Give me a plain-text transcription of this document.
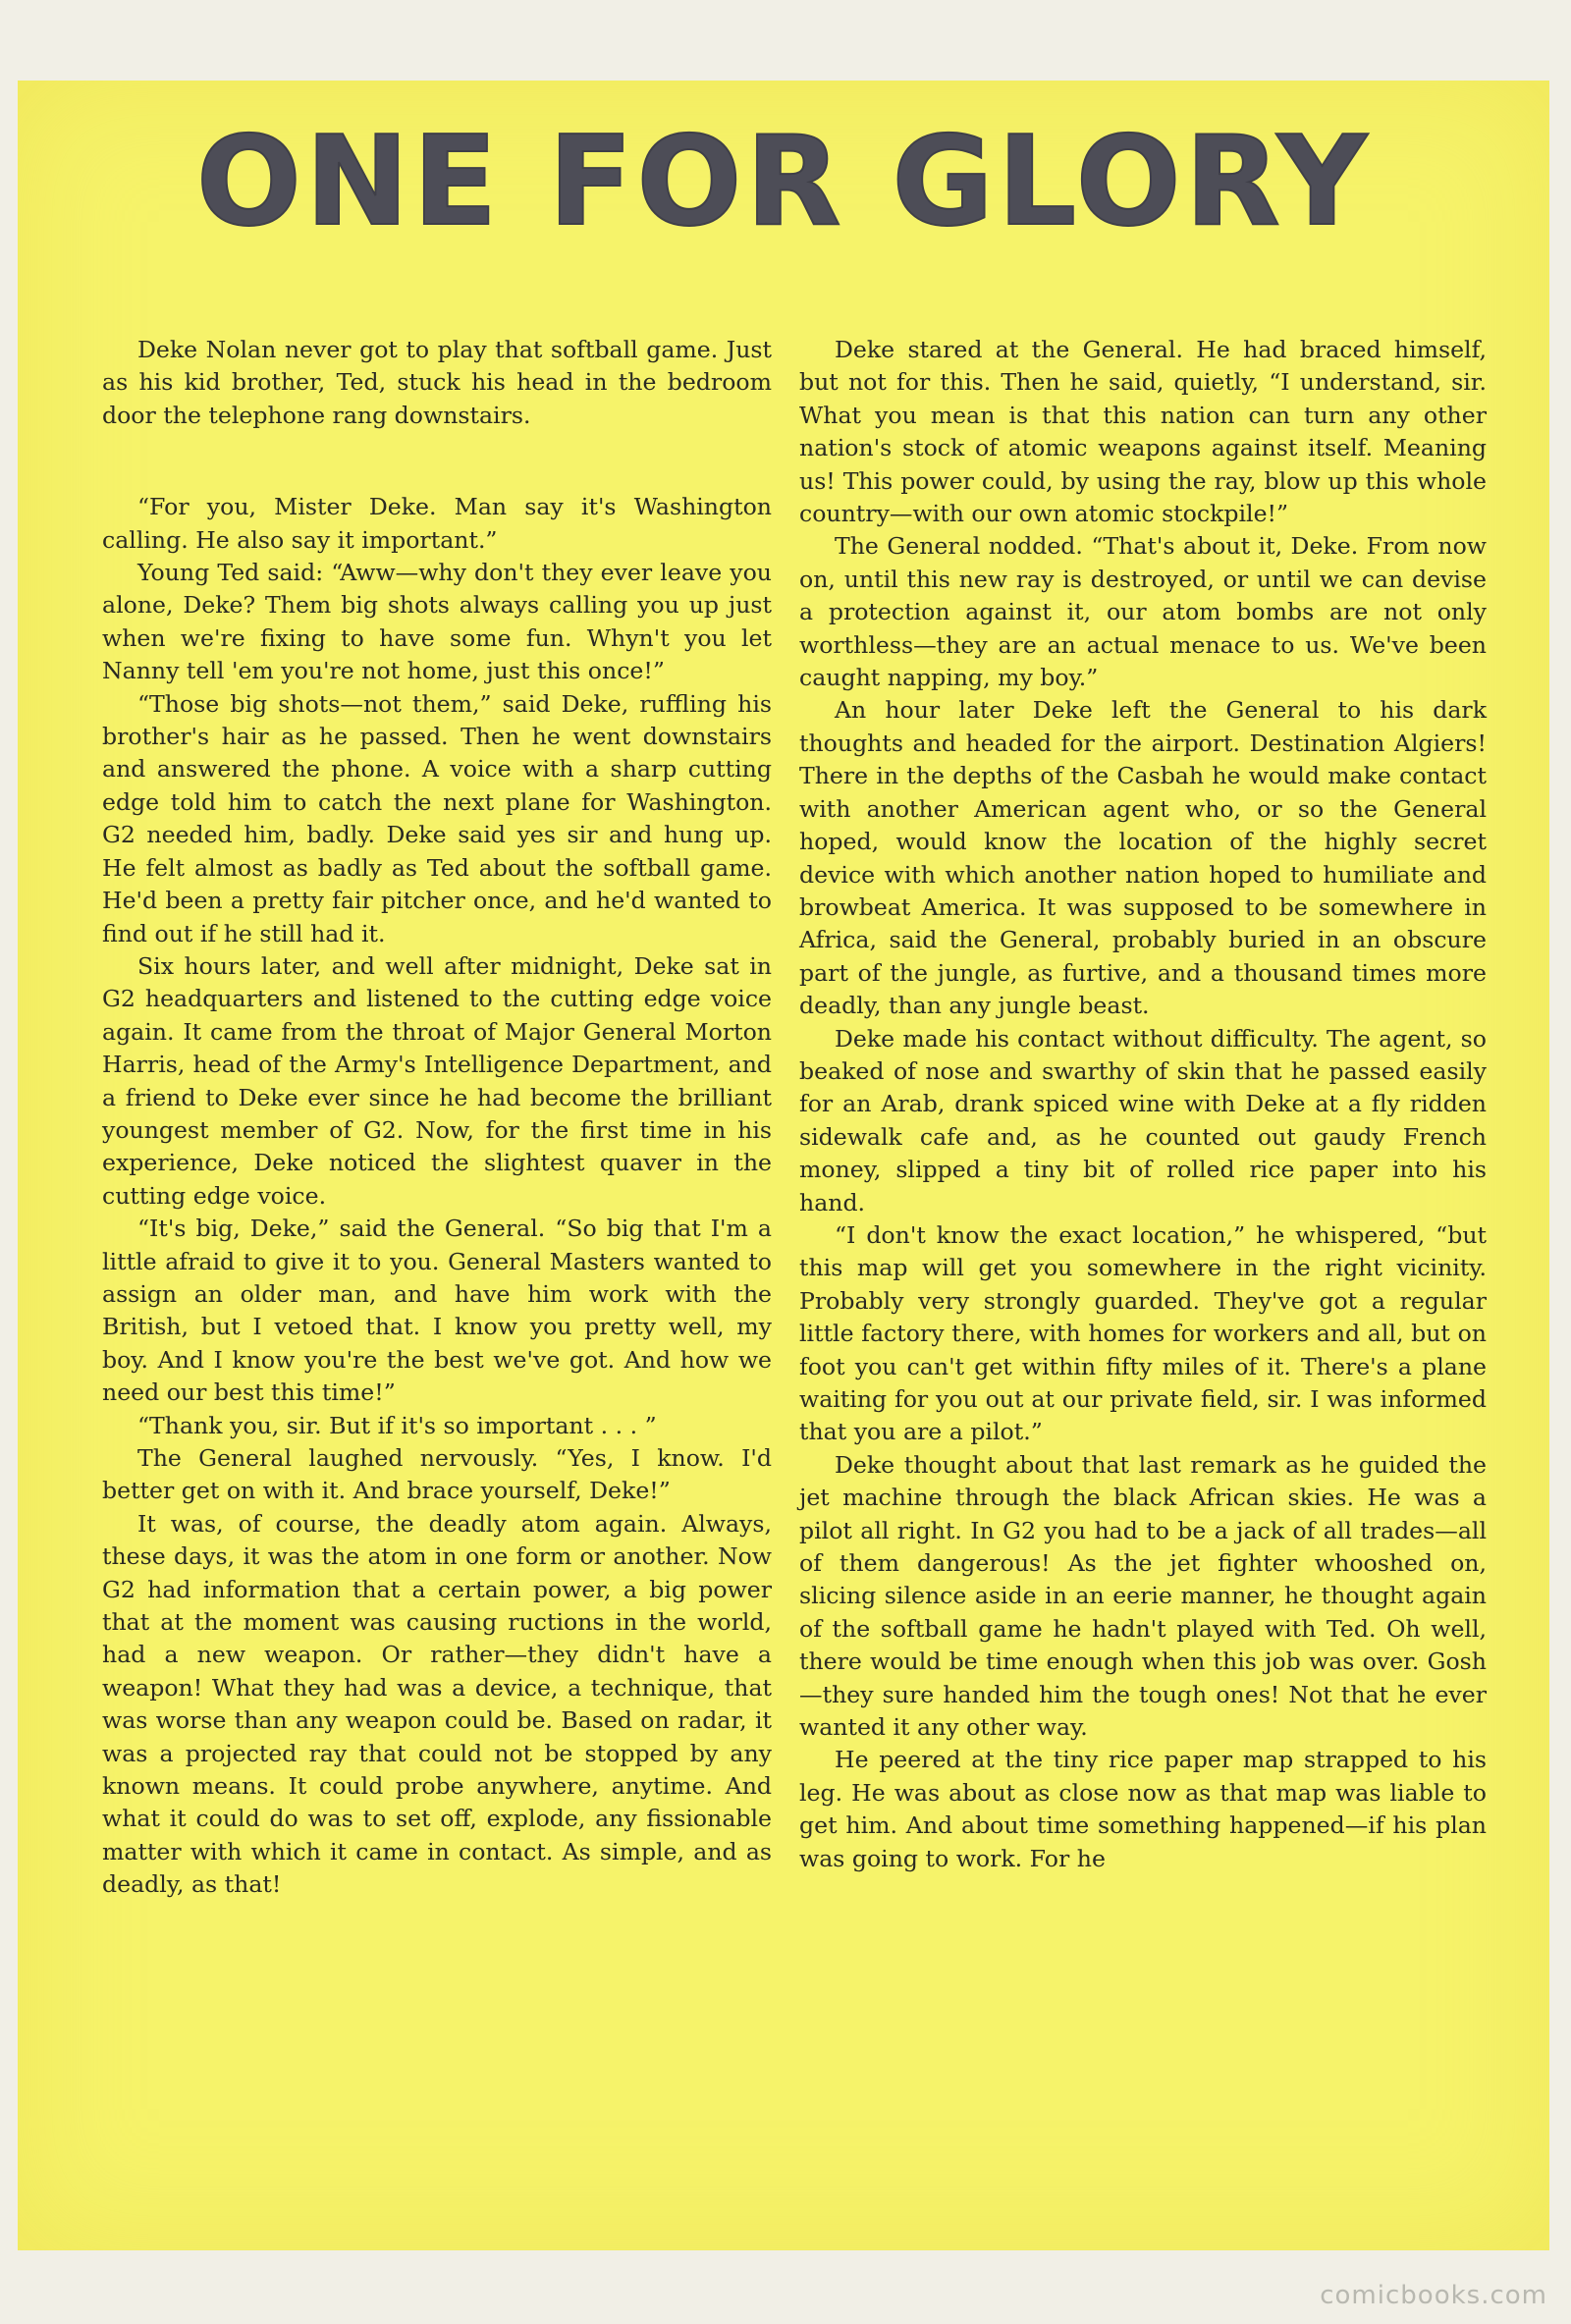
ONE FOR GLORY

Deke Nolan never got to play that softball game. Just as his kid brother, Ted, stuck his head in the bedroom door the telephone rang downstairs.

“For you, Mister Deke. Man say it's Washington calling. He also say it important.”

Young Ted said: “Aww—why don't they ever leave you alone, Deke? Them big shots always calling you up just when we're fixing to have some fun. Whyn't you let Nanny tell 'em you're not home, just this once!”

“Those big shots—not them,” said Deke, ruffling his brother's hair as he passed. Then he went downstairs and answered the phone. A voice with a sharp cutting edge told him to catch the next plane for Washington. G2 needed him, badly. Deke said yes sir and hung up. He felt almost as badly as Ted about the softball game. He'd been a pretty fair pitcher once, and he'd wanted to find out if he still had it.

Six hours later, and well after midnight, Deke sat in G2 headquarters and listened to the cutting edge voice again. It came from the throat of Major General Morton Harris, head of the Army's Intelligence Department, and a friend to Deke ever since he had become the brilliant youngest member of G2. Now, for the first time in his experience, Deke noticed the slightest quaver in the cutting edge voice.

“It's big, Deke,” said the General. “So big that I'm a little afraid to give it to you. General Masters wanted to assign an older man, and have him work with the British, but I vetoed that. I know you pretty well, my boy. And I know you're the best we've got. And how we need our best this time!”

“Thank you, sir. But if it's so important . . . ”

The General laughed nervously. “Yes, I know. I'd better get on with it. And brace yourself, Deke!”

It was, of course, the deadly atom again. Always, these days, it was the atom in one form or another. Now G2 had information that a certain power, a big power that at the moment was causing ructions in the world, had a new weapon. Or rather—they didn't have a weapon! What they had was a device, a technique, that was worse than any weapon could be. Based on radar, it was a projected ray that could not be stopped by any known means. It could probe anywhere, anytime. And what it could do was to set off, explode, any fissionable matter with which it came in contact. As simple, and as deadly, as that!

Deke stared at the General. He had braced himself, but not for this. Then he said, quietly, “I understand, sir. What you mean is that this nation can turn any other nation's stock of atomic weapons against itself. Meaning us! This power could, by using the ray, blow up this whole country—with our own atomic stockpile!”

The General nodded. “That's about it, Deke. From now on, until this new ray is destroyed, or until we can devise a protection against it, our atom bombs are not only worthless—they are an actual menace to us. We've been caught napping, my boy.”

An hour later Deke left the General to his dark thoughts and headed for the airport. Destination Algiers! There in the depths of the Casbah he would make contact with another American agent who, or so the General hoped, would know the location of the highly secret device with which another nation hoped to humiliate and browbeat America. It was supposed to be somewhere in Africa, said the General, probably buried in an obscure part of the jungle, as furtive, and a thousand times more deadly, than any jungle beast.

Deke made his contact without difficulty. The agent, so beaked of nose and swarthy of skin that he passed easily for an Arab, drank spiced wine with Deke at a fly ridden sidewalk cafe and, as he counted out gaudy French money, slipped a tiny bit of rolled rice paper into his hand.

“I don't know the exact location,” he whispered, “but this map will get you somewhere in the right vicinity. Probably very strongly guarded. They've got a regular little factory there, with homes for workers and all, but on foot you can't get within fifty miles of it. There's a plane waiting for you out at our private field, sir. I was informed that you are a pilot.”

Deke thought about that last remark as he guided the jet machine through the black African skies. He was a pilot all right. In G2 you had to be a jack of all trades—all of them dangerous! As the jet fighter whooshed on, slicing silence aside in an eerie manner, he thought again of the softball game he hadn't played with Ted. Oh well, there would be time enough when this job was over. Gosh—they sure handed him the tough ones! Not that he ever wanted it any other way.

He peered at the tiny rice paper map strapped to his leg. He was about as close now as that map was liable to get him. And about time something happened—if his plan was going to work. For he

comicbooks.com
